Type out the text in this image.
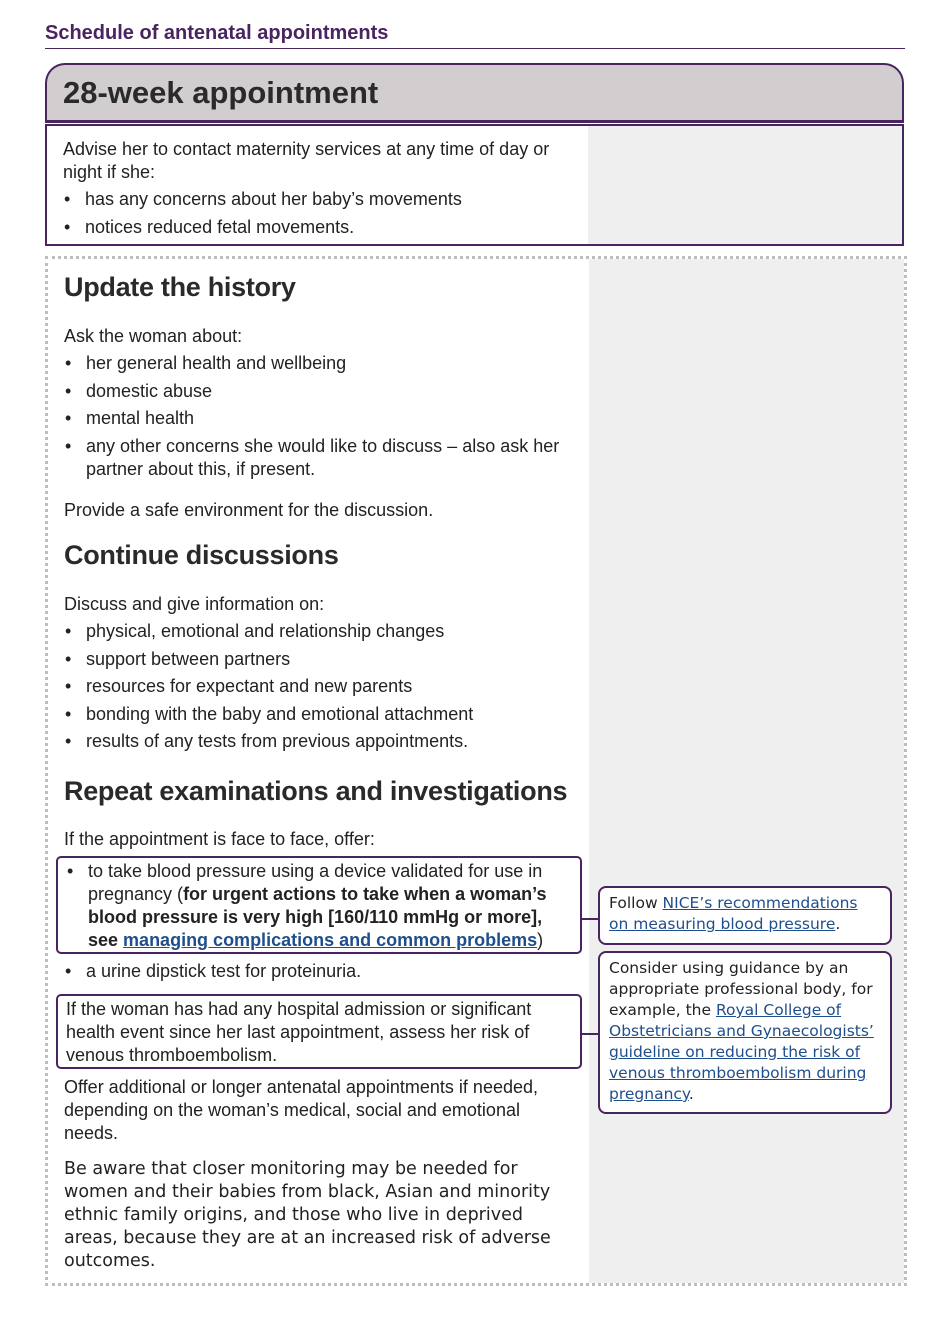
Schedule of antenatal appointments
28-week appointment

Advise her to contact maternity services at any time of day or night if she:

• has any concerns about her baby’s movements
• notices reduced fetal movements.
Update the history

Ask the woman about:

• her general health and wellbeing
• domestic abuse
• mental health
• any other concerns she would like to discuss – also ask her partner about this, if present.

Provide a safe environment for the discussion.

Continue discussions

Discuss and give information on:

• physical, emotional and relationship changes
• support between partners
• resources for expectant and new parents
• bonding with the baby and emotional attachment
• results of any tests from previous appointments.
Repeat examinations and investigations

If the appointment is face to face, offer:

• to take blood pressure using a device validated for use in pregnancy (for urgent actions to take when a woman’s blood pressure is very high [160/110 mmHg or more], see managing complications and common problems)
• a urine dipstick test for proteinuria.

If the woman has had any hospital admission or significant health event since her last appointment, assess her risk of venous thromboembolism.

Offer additional or longer antenatal appointments if needed, depending on the woman’s medical, social and emotional needs.

Be aware that closer monitoring may be needed for women and their babies from black, Asian and minority ethnic family origins, and those who live in deprived areas, because they are at an increased risk of adverse outcomes.

Follow NICE’s recommendations on measuring blood pressure.
Consider using guidance by an appropriate professional body, for example, the Royal College of Obstetricians and Gynaecologists’ guideline on reducing the risk of venous thromboembolism during pregnancy.
